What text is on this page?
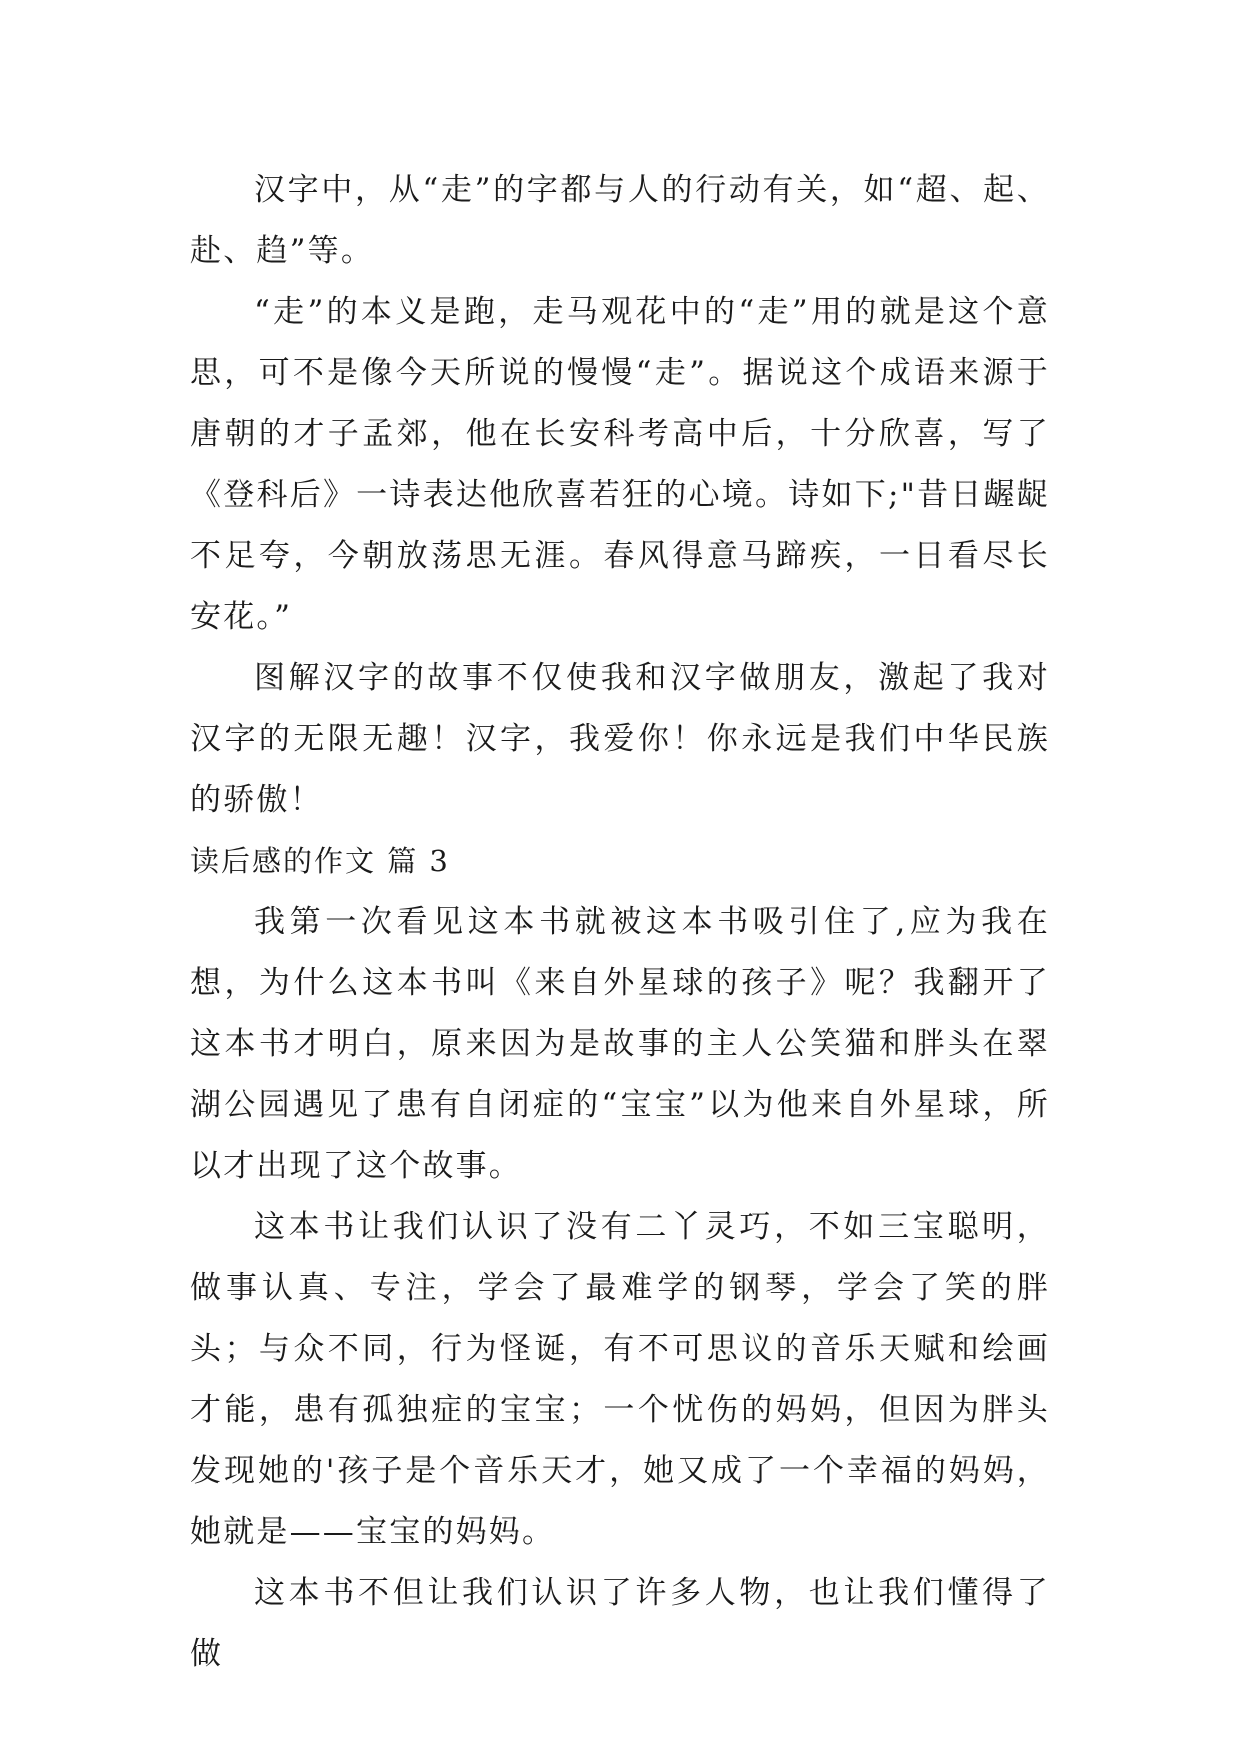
汉字中，从“走”的字都与人的行动有关，如“超、起、赴、趋”等。

“走”的本义是跑，走马观花中的“走”用的就是这个意思，可不是像今天所说的慢慢“走”。据说这个成语来源于唐朝的才子孟郊，他在长安科考高中后，十分欣喜，写了《登科后》一诗表达他欣喜若狂的心境。诗如下;"昔日龌龊不足夸，今朝放荡思无涯。春风得意马蹄疾，一日看尽长安花。”

图解汉字的故事不仅使我和汉字做朋友，激起了我对汉字的无限无趣！汉字，我爱你！你永远是我们中华民族的骄傲！

读后感的作文 篇 3

我第一次看见这本书就被这本书吸引住了,应为我在想，为什么这本书叫《来自外星球的孩子》呢？我翻开了这本书才明白，原来因为是故事的主人公笑猫和胖头在翠湖公园遇见了患有自闭症的“宝宝”以为他来自外星球，所以才出现了这个故事。

这本书让我们认识了没有二丫灵巧，不如三宝聪明，做事认真、专注，学会了最难学的钢琴，学会了笑的胖头；与众不同，行为怪诞，有不可思议的音乐天赋和绘画才能，患有孤独症的宝宝；一个忧伤的妈妈，但因为胖头发现她的'孩子是个音乐天才，她又成了一个幸福的妈妈，她就是——宝宝的妈妈。

这本书不但让我们认识了许多人物，也让我们懂得了做
